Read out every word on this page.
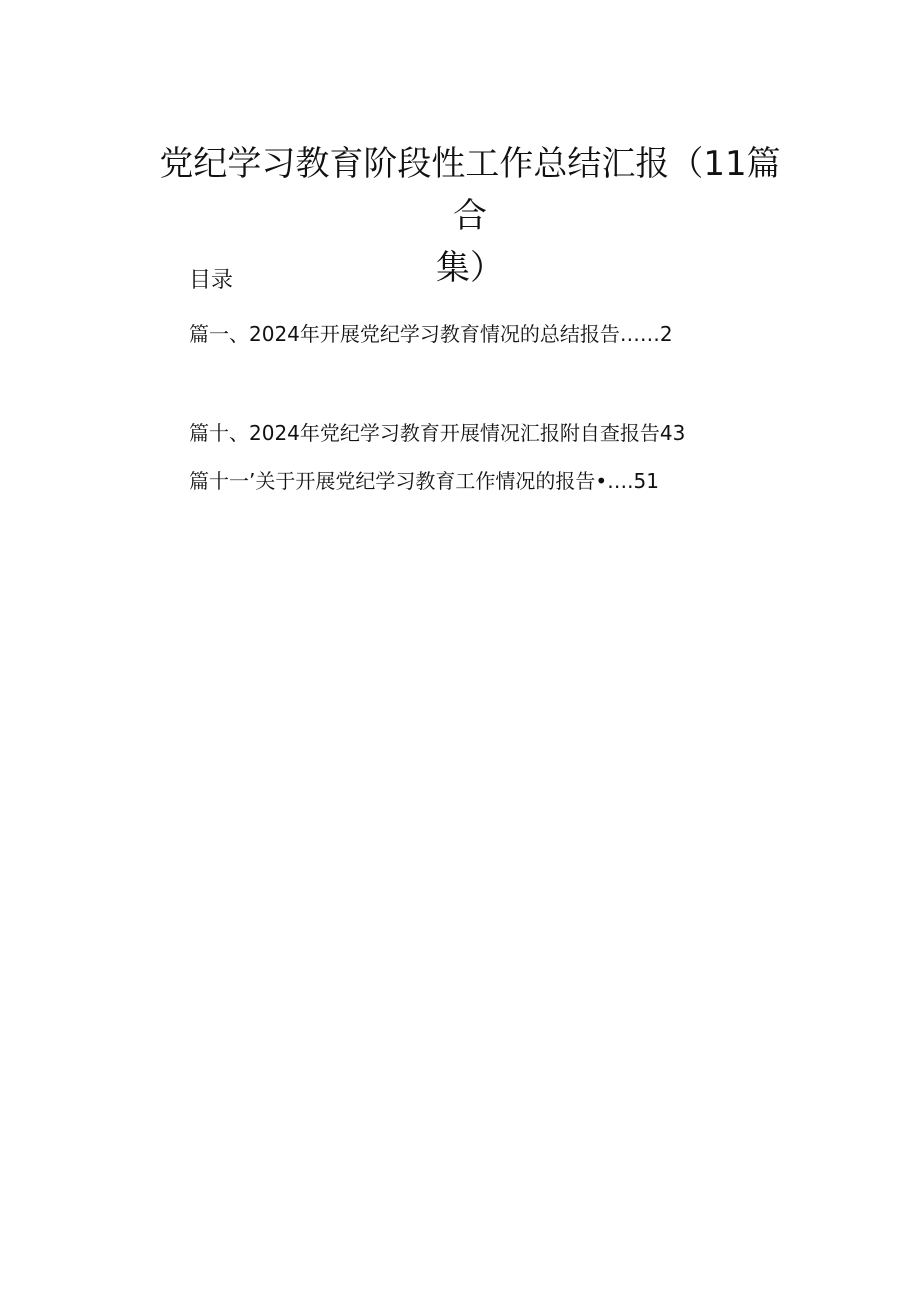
党纪学习教育阶段性工作总结汇报（11篇合
集）
目录
篇一、2024年开展党纪学习教育情况的总结报告……2
篇十、2024年党纪学习教育开展情况汇报附自查报告43
篇十一’关于开展党纪学习教育工作情况的报告•….51
